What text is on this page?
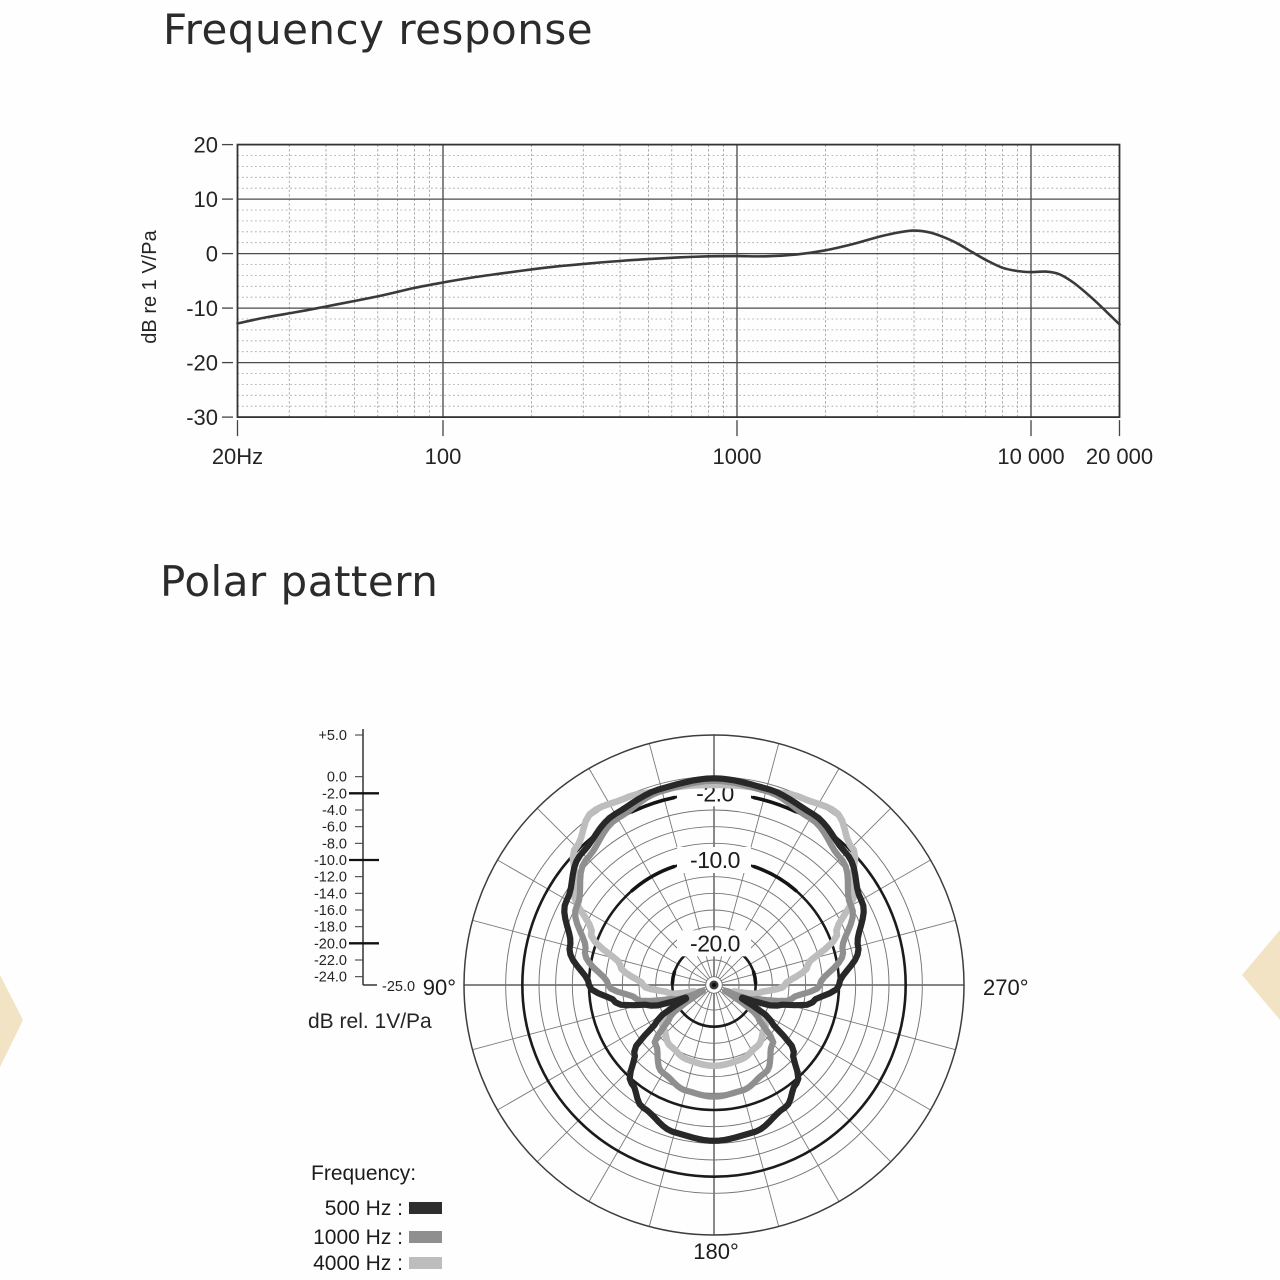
Frequency response
dB re 1 V/Pa
20
10
0
-10
-20
-30
20Hz	100	1000	10 000 20 000
Polar pattern
-2.0
-10.0
-20.0
90°	270°
180°
+5.0
0.0
-2.0
-4.0
-6.0
-8.0
-10.0
-12.0
-14.0
-16.0
-18.0
-20.0
-22.0
-24.0
-25.0
dB rel. 1V/Pa
Frequency:
500 Hz :
1000 Hz :
4000 Hz :
